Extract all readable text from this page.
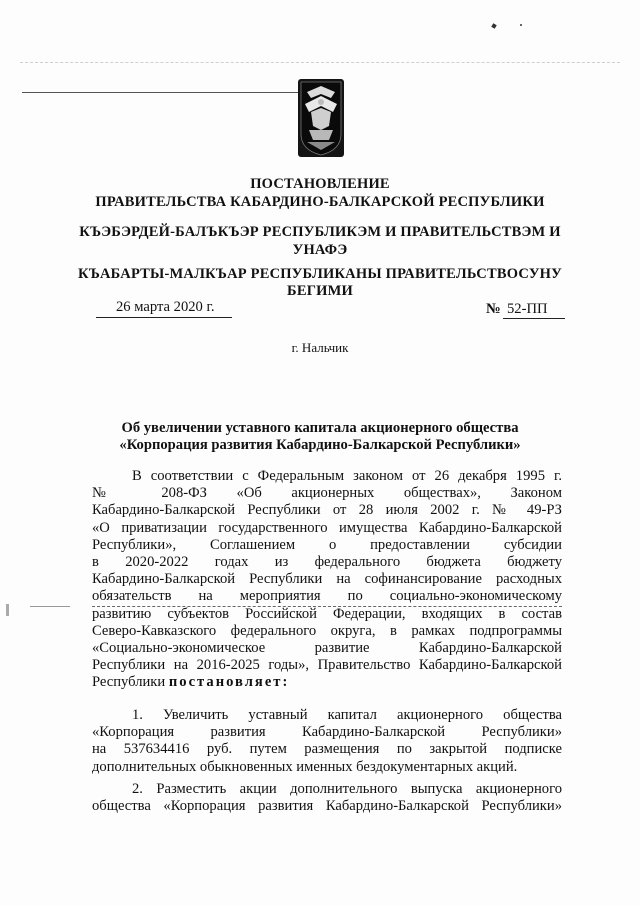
ПОСТАНОВЛЕНИЕ
ПРАВИТЕЛЬСТВА КАБАРДИНО-БАЛКАРСКОЙ РЕСПУБЛИКИ
КЪЭБЭРДЕЙ-БАЛЪКЪЭР РЕСПУБЛИКЭМ И ПРАВИТЕЛЬСТВЭМ И
УНАФЭ
КЪАБАРТЫ-МАЛКЪАР РЕСПУБЛИКАНЫ ПРАВИТЕЛЬСТВОСУНУ
БЕГИМИ
26 марта 2020 г.	№ 52-ПП
г. Нальчик
Об увеличении уставного капитала акционерного общества
«Корпорация развития Кабардино-Балкарской Республики»
В соответствии с Федеральным законом от 26 декабря 1995 г.
№ 208-ФЗ «Об акционерных обществах», Законом
Кабардино-Балкарской Республики от 28 июля 2002 г. № 49-РЗ
«О приватизации государственного имущества Кабардино-Балкарской
Республики», Соглашением о предоставлении субсидии
в 2020-2022 годах из федерального бюджета бюджету
Кабардино-Балкарской Республики на софинансирование расходных
обязательств на мероприятия по социально-экономическому
развитию субъектов Российской Федерации, входящих в состав
Северо-Кавказского федерального округа, в рамках подпрограммы
«Социально-экономическое развитие Кабардино-Балкарской
Республики на 2016-2025 годы», Правительство Кабардино-Балкарской
Республики постановляет:
1. Увеличить уставный капитал акционерного общества
«Корпорация развития Кабардино-Балкарской Республики»
на 537634416 руб. путем размещения по закрытой подписке
дополнительных обыкновенных именных бездокументарных акций.
2. Разместить акции дополнительного выпуска акционерного
общества «Корпорация развития Кабардино-Балкарской Республики»
